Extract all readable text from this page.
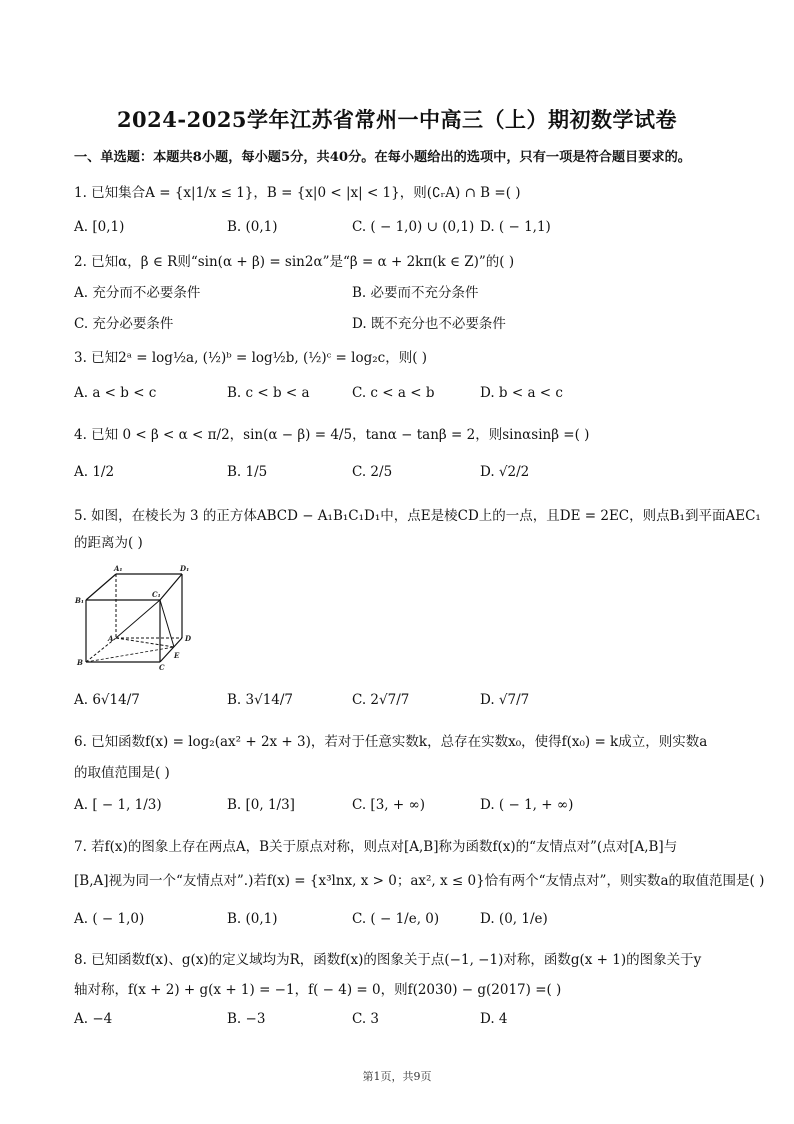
2024-2025学年江苏省常州一中高三（上）期初数学试卷
一、单选题：本题共8小题，每小题5分，共40分。在每小题给出的选项中，只有一项是符合题目要求的。
1. 已知集合A = {x|1/x ≤ 1}，B = {x|0 < |x| < 1}，则(∁ᵣA) ∩ B =( )
A. [0,1)	B. (0,1)	C. ( − 1,0) ∪ (0,1) D. ( − 1,1)
2. 已知α，β ∈ R则“sin(α + β) = sin2α”是“β = α + 2kπ(k ∈ Z)”的( )
A. 充分而不必要条件	B. 必要而不充分条件
C. 充分必要条件	D. 既不充分也不必要条件
3. 已知2ᵃ = log½a, (½)ᵇ = log½b, (½)ᶜ = log₂c，则( )
A. a < b < c	B. c < b < a	C. c < a < b	D. b < a < c
4. 已知 0 < β < α < π/2，sin(α − β) = 4/5，tanα − tanβ = 2，则sinαsinβ =( )
A. 1/2	B. 1/5	C. 2/5	D. √2/2
5. 如图，在棱长为 3 的正方体ABCD − A₁B₁C₁D₁中，点E是棱CD上的一点，且DE = 2EC，则点B₁到平面AEC₁
的距离为( )
A₁	D₁
B₁
C₁
A	D
B
E
C
A. 6√14/7	B. 3√14/7	C. 2√7/7	D. √7/7
6. 已知函数f(x) = log₂(ax² + 2x + 3)，若对于任意实数k，总存在实数x₀，使得f(x₀) = k成立，则实数a
的取值范围是( )
A. [ − 1, 1/3)	B. [0, 1/3]	C. [3, + ∞)	D. ( − 1, + ∞)
7. 若f(x)的图象上存在两点A，B关于原点对称，则点对[A,B]称为函数f(x)的“友情点对”(点对[A,B]与
[B,A]视为同一个“友情点对”.)若f(x) = {x³lnx, x > 0；ax², x ≤ 0}恰有两个“友情点对”，则实数a的取值范围是( )
A. ( − 1,0)	B. (0,1)	C. ( − 1/e, 0)	D. (0, 1/e)
8. 已知函数f(x)、g(x)的定义域均为R，函数f(x)的图象关于点(−1, −1)对称，函数g(x + 1)的图象关于y
轴对称，f(x + 2) + g(x + 1) = −1，f( − 4) = 0，则f(2030) − g(2017) =( )
A. −4	B. −3	C. 3	D. 4
第1页，共9页
